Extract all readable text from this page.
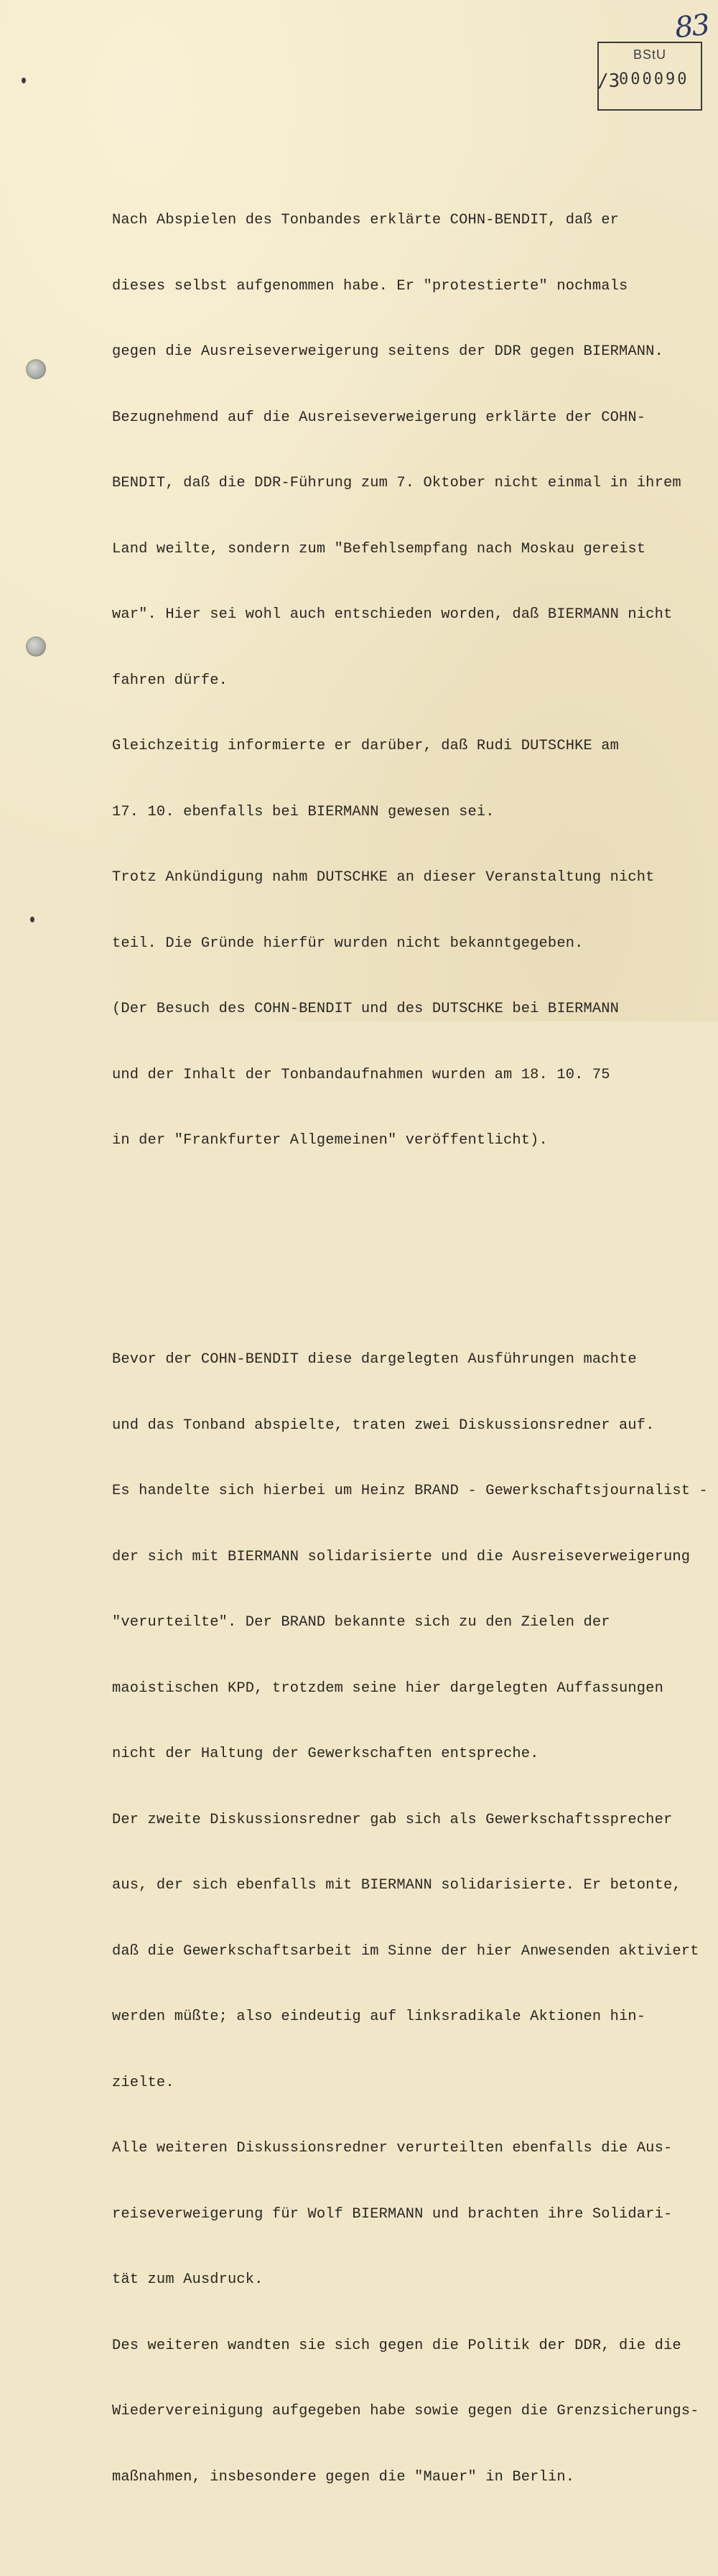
83
BStU
/3
000090

Nach Abspielen des Tonbandes erklärte COHN-BENDIT, daß er

dieses selbst aufgenommen habe. Er "protestierte" nochmals

gegen die Ausreiseverweigerung seitens der DDR gegen BIERMANN.

Bezugnehmend auf die Ausreiseverweigerung erklärte der COHN-

BENDIT, daß die DDR-Führung zum 7. Oktober nicht einmal in ihrem

Land weilte, sondern zum "Befehlsempfang nach Moskau gereist

war". Hier sei wohl auch entschieden worden, daß BIERMANN nicht

fahren dürfe.

Gleichzeitig informierte er darüber, daß Rudi DUTSCHKE am

17. 10. ebenfalls bei BIERMANN gewesen sei.

Trotz Ankündigung nahm DUTSCHKE an dieser Veranstaltung nicht

teil. Die Gründe hierfür wurden nicht bekanntgegeben.

(Der Besuch des COHN-BENDIT und des DUTSCHKE bei BIERMANN

und der Inhalt der Tonbandaufnahmen wurden am 18. 10. 75

in der "Frankfurter Allgemeinen" veröffentlicht).

Bevor der COHN-BENDIT diese dargelegten Ausführungen machte

und das Tonband abspielte, traten zwei Diskussionsredner auf.

Es handelte sich hierbei um Heinz BRAND - Gewerkschaftsjournalist -

der sich mit BIERMANN solidarisierte und die Ausreiseverweigerung

"verurteilte". Der BRAND bekannte sich zu den Zielen der

maoistischen KPD, trotzdem seine hier dargelegten Auffassungen

nicht der Haltung der Gewerkschaften entspreche.

Der zweite Diskussionsredner gab sich als Gewerkschaftssprecher

aus, der sich ebenfalls mit BIERMANN solidarisierte. Er betonte,

daß die Gewerkschaftsarbeit im Sinne der hier Anwesenden aktiviert

werden müßte; also eindeutig auf linksradikale Aktionen hin-

zielte.

Alle weiteren Diskussionsredner verurteilten ebenfalls die Aus-

reiseverweigerung für Wolf BIERMANN und brachten ihre Solidari-

tät zum Ausdruck.

Des weiteren wandten sie sich gegen die Politik der DDR, die die

Wiedervereinigung aufgegeben habe sowie gegen die Grenzsicherungs-

maßnahmen, insbesondere gegen die "Mauer" in Berlin.
